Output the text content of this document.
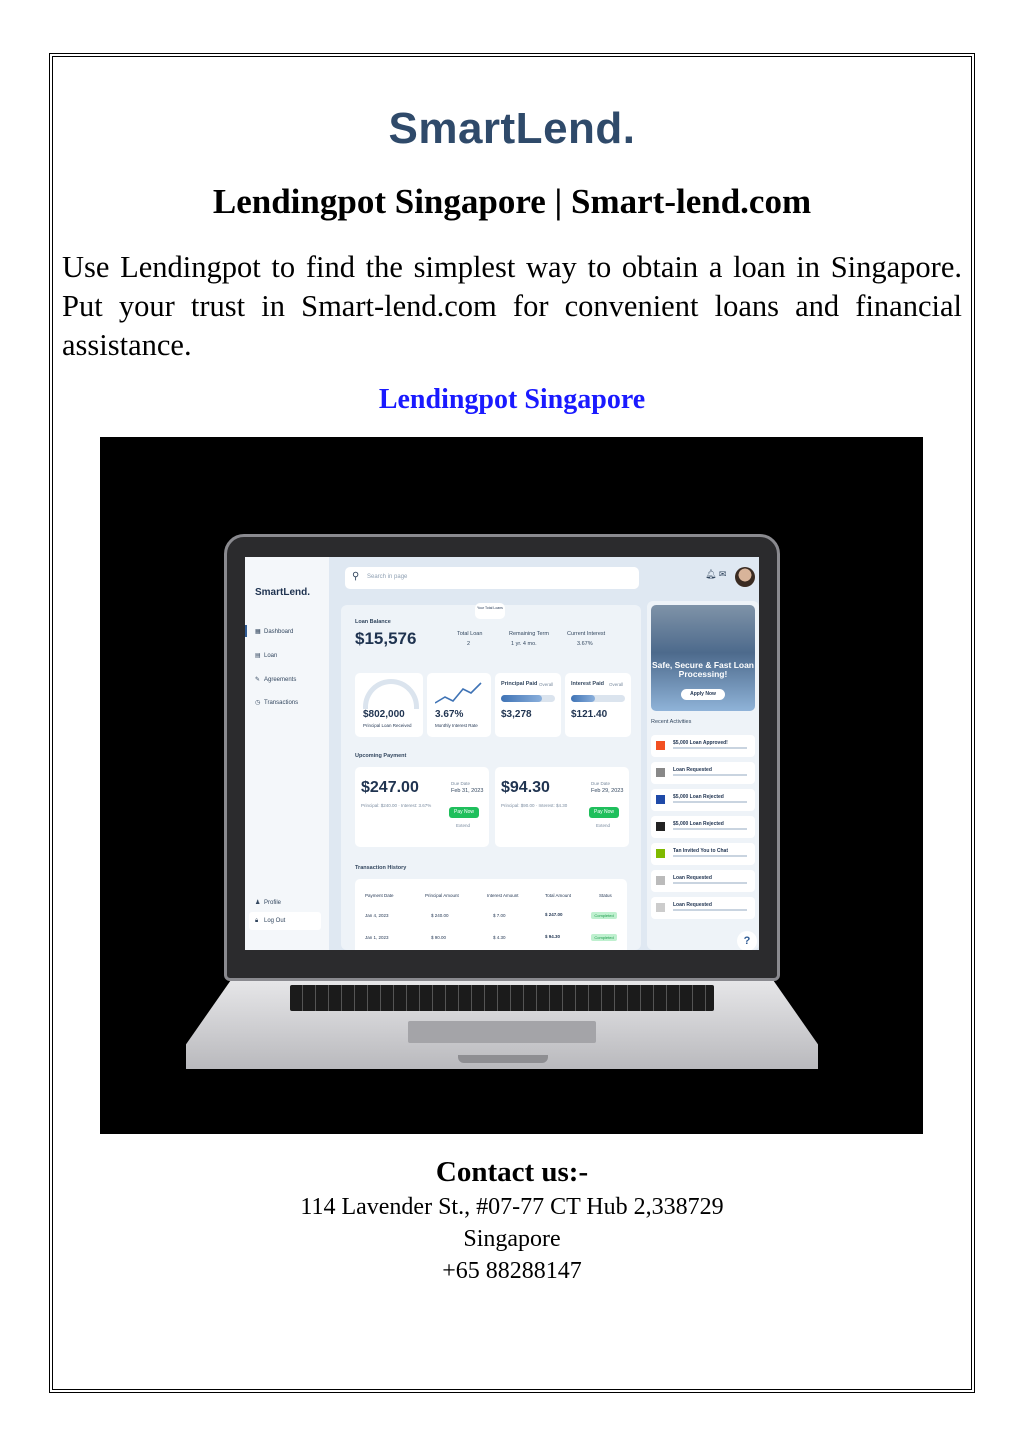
SmartLend.
Lendingpot Singapore | Smart-lend.com
Use Lendingpot to find the simplest way to obtain a loan in Singapore. Put your trust in Smart-lend.com for convenient loans and financial assistance.
Lendingpot Singapore
SmartLend.
▦ Dashboard
▤ Loan
✎ Agreements
◷ Transactions
♟ Profile
🔒︎ Log Out
⚲ Search in page	🔔︎ ✉
Your Total Loans
Loan Balance
$15,576	Total Loan
2
Remaining Term
1 yr. 4 mo.
Current Interest
3.67%
$802,000
Principal Loan Received
3.67%
Monthly Interest Rate
Principal Paid Overall
$3,278
Interest Paid Overall
$121.40
Upcoming Payment
$247.00	Due Date
Feb 31, 2023
Principal: $240.00 · Interest: 3.67%
Pay Now
Extend
$94.30	Due Date
Feb 29, 2023
Principal: $90.00 · Interest: $4.30
Pay Now
Extend
Transaction History
Payment Date	Principal Amount	Interest Amount	Total Amount	Status
Jan 4, 2023	$ 240.00	$ 7.00	$ 247.00	Completed
Jan 1, 2023	$ 90.00	$ 4.30	$ 94.30	Completed
Safe, Secure & Fast Loan Processing!
Apply Now
Recent Activities
?
$5,000 Loan Approved!
Loan Requested
$5,000 Loan Rejected
$5,000 Loan Rejected
Tan Invited You to Chat
Loan Requested
Loan Requested
Contact us:-
114 Lavender St., #07-77 CT Hub 2,338729
Singapore
+65 88288147
